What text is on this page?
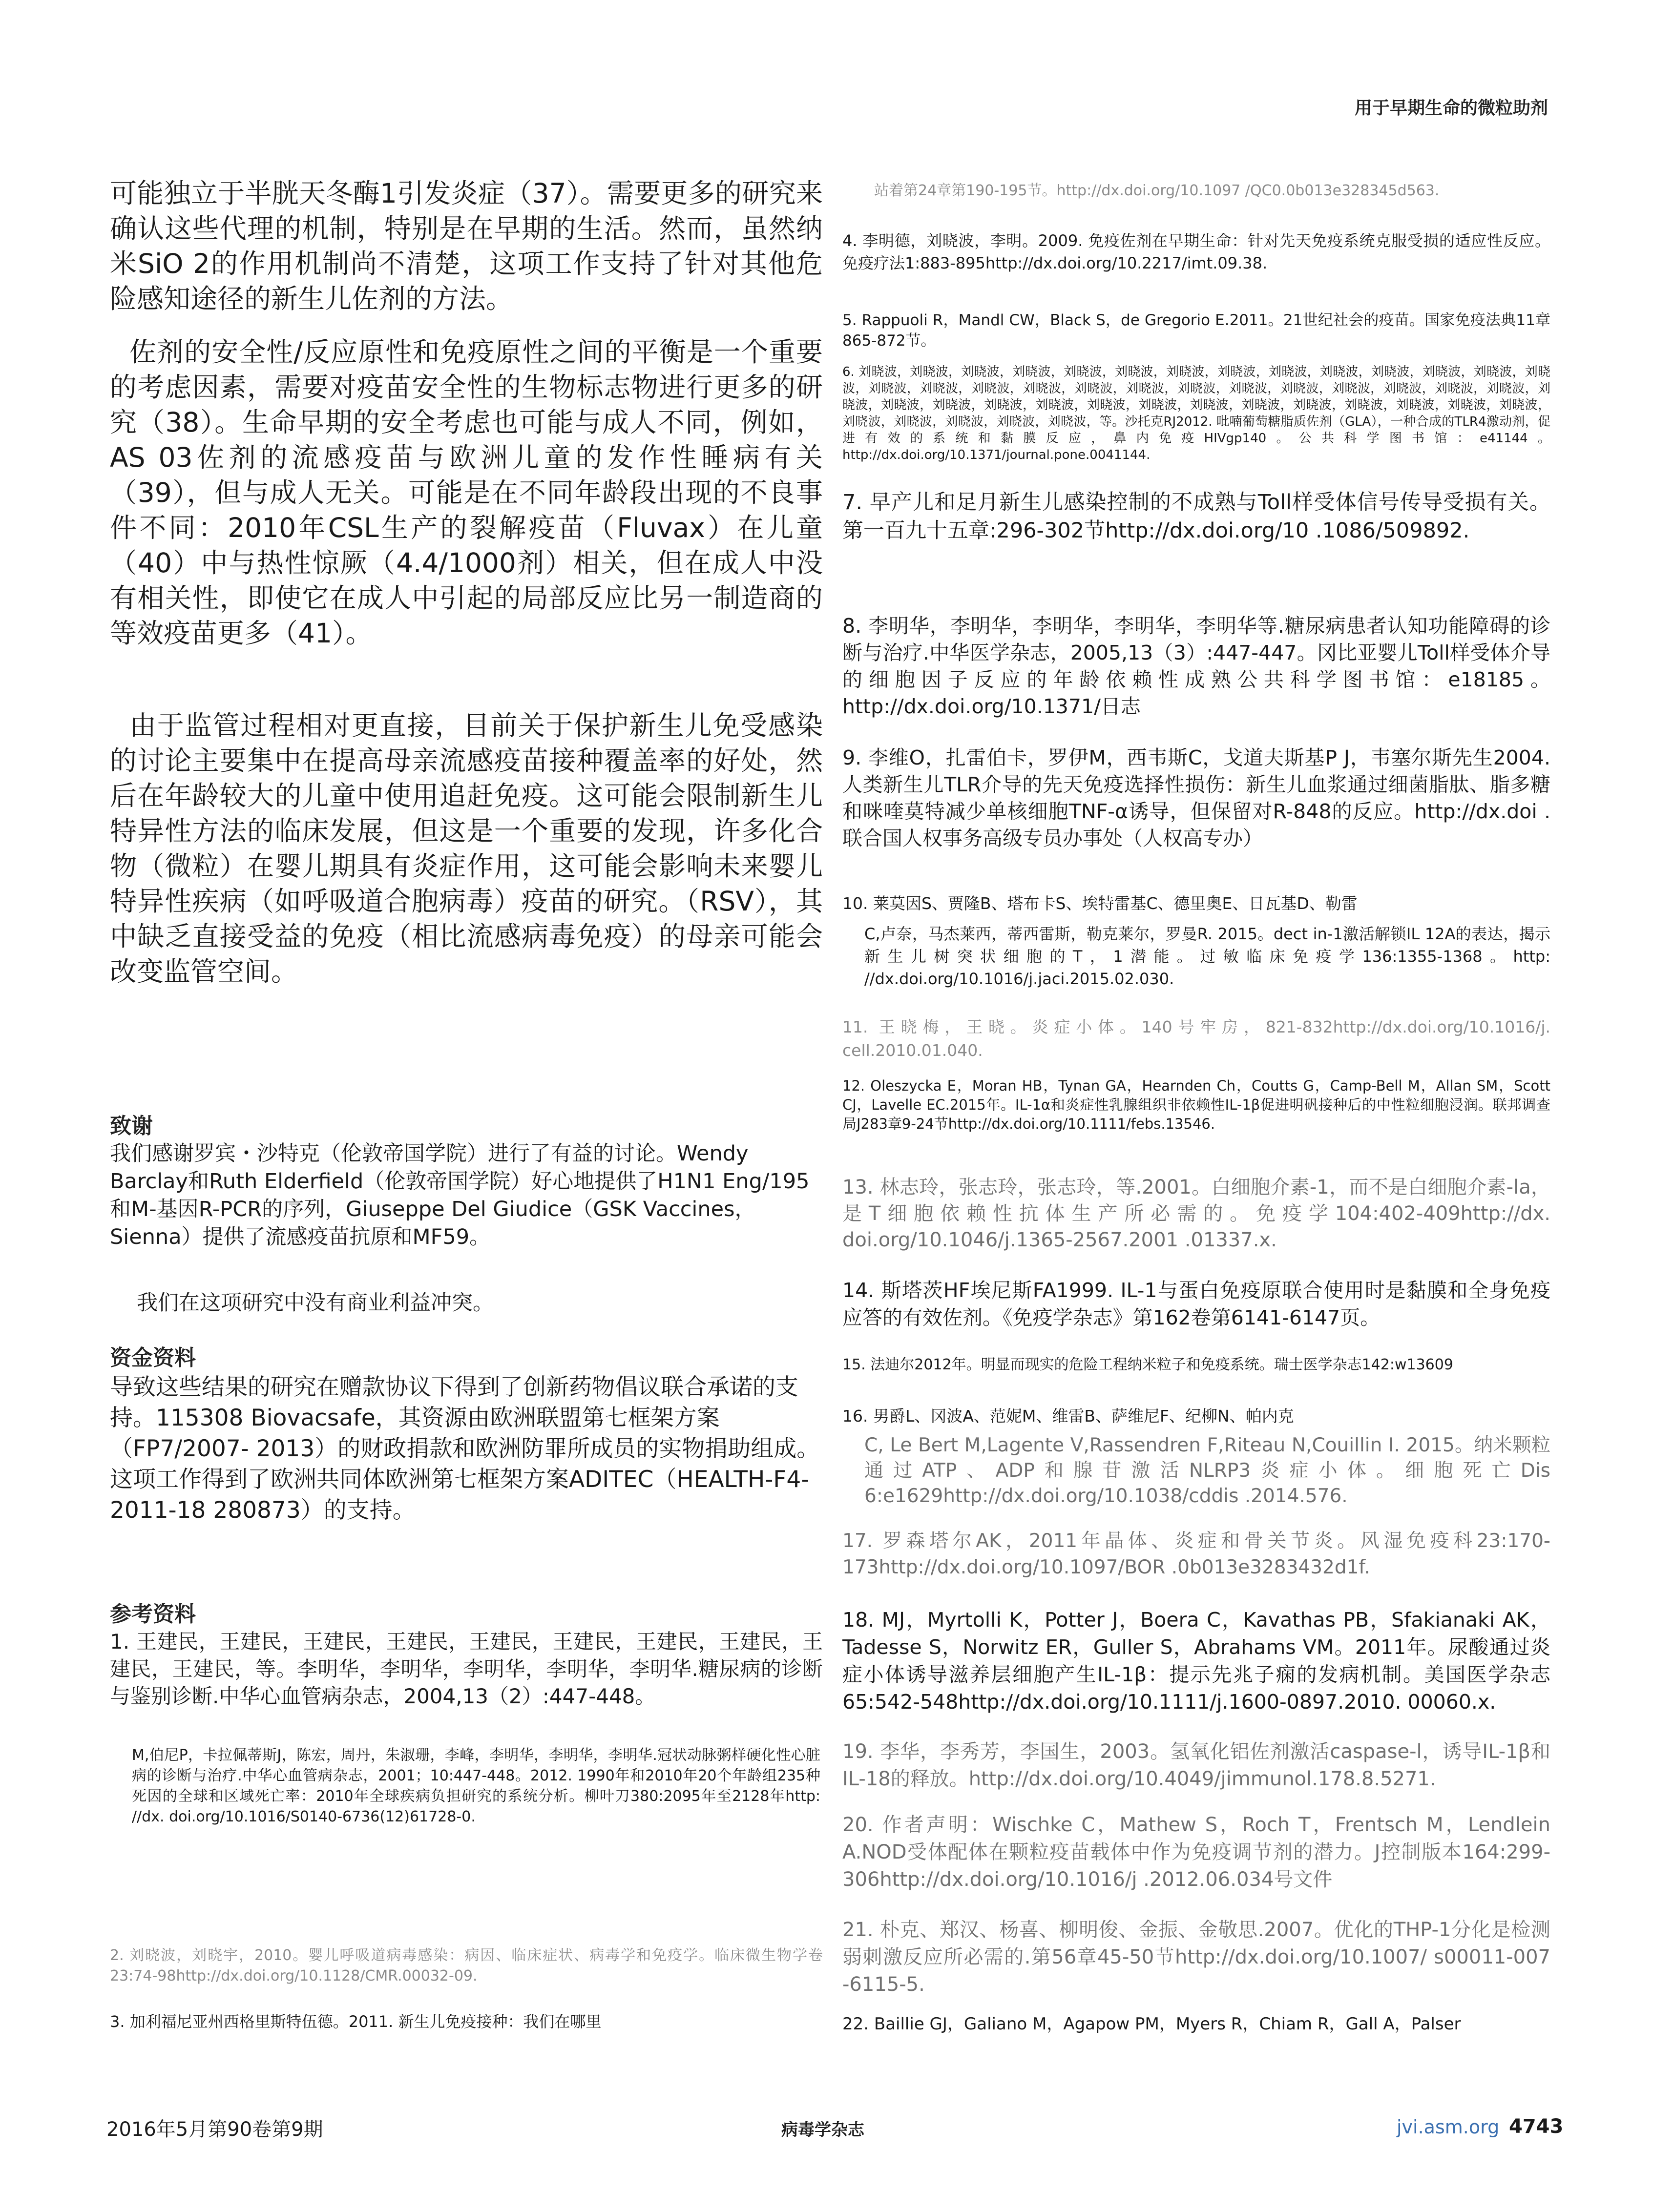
用于早期生命的微粒助剂
可能独立于半胱天冬酶1引发炎症（37）。需要更多的研究来确认这些代理的机制，特别是在早期的生活。然而，虽然纳米SiO 2的作用机制尚不清楚，这项工作支持了针对其他危险感知途径的新生儿佐剂的方法。
佐剂的安全性/反应原性和免疫原性之间的平衡是一个重要的考虑因素，需要对疫苗安全性的生物标志物进行更多的研究（38）。生命早期的安全考虑也可能与成人不同，例如，AS 03佐剂的流感疫苗与欧洲儿童的发作性睡病有关（39），但与成人无关。可能是在不同年龄段出现的不良事件不同：2010年CSL生产的裂解疫苗（Fluvax）在儿童（40）中与热性惊厥（4.4/1000剂）相关，但在成人中没有相关性，即使它在成人中引起的局部反应比另一制造商的等效疫苗更多（41）。
由于监管过程相对更直接，目前关于保护新生儿免受感染的讨论主要集中在提高母亲流感疫苗接种覆盖率的好处，然后在年龄较大的儿童中使用追赶免疫。这可能会限制新生儿特异性方法的临床发展，但这是一个重要的发现，许多化合物（微粒）在婴儿期具有炎症作用，这可能会影响未来婴儿特异性疾病（如呼吸道合胞病毒）疫苗的研究。（RSV），其中缺乏直接受益的免疫（相比流感病毒免疫）的母亲可能会改变监管空间。
致谢
我们感谢罗宾・沙特克（伦敦帝国学院）进行了有益的讨论。Wendy Barclay和Ruth Elderfield（伦敦帝国学院）好心地提供了H1N1 Eng/195和M-基因R-PCR的序列，Giuseppe Del Giudice（GSK Vaccines，Sienna）提供了流感疫苗抗原和MF59。
我们在这项研究中没有商业利益冲突。
资金资料
导致这些结果的研究在赠款协议下得到了创新药物倡议联合承诺的支持。115308 Biovacsafe，其资源由欧洲联盟第七框架方案（FP7/2007- 2013）的财政捐款和欧洲防罪所成员的实物捐助组成。这项工作得到了欧洲共同体欧洲第七框架方案ADITEC（HEALTH-F4-2011-18 280873）的支持。
参考资料
1. 王建民，王建民，王建民，王建民，王建民，王建民，王建民，王建民，王建民，王建民，等。李明华，李明华，李明华，李明华，李明华.糖尿病的诊断与鉴别诊断.中华心血管病杂志，2004,13（2）:447-448。
M,伯尼P，卡拉佩蒂斯J，陈宏，周丹，朱淑珊，李峰，李明华，李明华，李明华.冠状动脉粥样硬化性心脏病的诊断与治疗.中华心血管病杂志，2001；10:447-448。2012. 1990年和2010年20个年龄组235种死因的全球和区域死亡率：2010年全球疾病负担研究的系统分析。柳叶刀380:2095年至2128年http: //dx. doi.org/10.1016/S0140-6736(12)61728-0.
2. 刘晓波，刘晓宇，2010。婴儿呼吸道病毒感染：病因、临床症状、病毒学和免疫学。临床微生物学卷23:74-98http://dx.doi.org/10.1128/CMR.00032-09.
3. 加利福尼亚州西格里斯特伍德。2011. 新生儿免疫接种：我们在哪里
站着第24章第190-195节。http://dx.doi.org/10.1097 /QC0.0b013e328345d563.
4. 李明德，刘晓波，李明。2009. 免疫佐剂在早期生命：针对先天免疫系统克服受损的适应性反应。免疫疗法1:883-895http://dx.doi.org/10.2217/imt.09.38.
5. Rappuoli R，Mandl CW，Black S，de Gregorio E.2011。21世纪社会的疫苗。国家免疫法典11章865-872节。
6. 刘晓波，刘晓波，刘晓波，刘晓波，刘晓波，刘晓波，刘晓波，刘晓波，刘晓波，刘晓波，刘晓波，刘晓波，刘晓波，刘晓波，刘晓波，刘晓波，刘晓波，刘晓波，刘晓波，刘晓波，刘晓波，刘晓波，刘晓波，刘晓波，刘晓波，刘晓波，刘晓波，刘晓波，刘晓波，刘晓波，刘晓波，刘晓波，刘晓波，刘晓波，刘晓波，刘晓波，刘晓波，刘晓波，刘晓波，刘晓波，刘晓波，刘晓波，刘晓波，刘晓波，刘晓波，刘晓波，等。沙托克RJ2012. 吡喃葡萄糖脂质佐剂（GLA），一种合成的TLR4激动剂，促进有效的系统和黏膜反应，鼻内免疫HIVgp140。公共科学图书馆：e41144。http://dx.doi.org/10.1371/journal.pone.0041144.
7. 早产儿和足月新生儿感染控制的不成熟与Toll样受体信号传导受损有关。第一百九十五章:296-302节http://dx.doi.org/10 .1086/509892.
8. 李明华，李明华，李明华，李明华，李明华等.糖尿病患者认知功能障碍的诊断与治疗.中华医学杂志，2005,13（3）:447-447。冈比亚婴儿Toll样受体介导的细胞因子反应的年龄依赖性成熟公共科学图书馆：e18185。http://dx.doi.org/10.1371/日志
9. 李维O，扎雷伯卡，罗伊M，西韦斯C，戈道夫斯基P J，韦塞尔斯先生2004. 人类新生儿TLR介导的先天免疫选择性损伤：新生儿血浆通过细菌脂肽、脂多糖和咪喹莫特减少单核细胞TNF-α诱导，但保留对R-848的反应。http://dx.doi .联合国人权事务高级专员办事处（人权高专办）
10. 莱莫因S、贾隆B、塔布卡S、埃特雷基C、德里奥E、日瓦基D、勒雷
C,卢奈，马杰莱西，蒂西雷斯，勒克莱尔，罗曼R. 2015。dect in-1激活解锁IL 12A的表达，揭示新生儿树突状细胞的T，1潜能。过敏临床免疫学136:1355-1368。http: //dx.doi.org/10.1016/j.jaci.2015.02.030.
11. 王晓梅，王晓。炎症小体。140号牢房，821-832http://dx.doi.org/10.1016/j. cell.2010.01.040.
12. Oleszycka E，Moran HB，Tynan GA，Hearnden Ch，Coutts G，Camp-Bell M，Allan SM，Scott CJ，Lavelle EC.2015年。IL-1α和炎症性乳腺组织非依赖性IL-1β促进明矾接种后的中性粒细胞浸润。联邦调查局J283章9-24节http://dx.doi.org/10.1111/febs.13546.
13. 林志玲，张志玲，张志玲，等.2001。白细胞介素-1，而不是白细胞介素-la，是T细胞依赖性抗体生产所必需的。免疫学104:402-409http://dx. doi.org/10.1046/j.1365-2567.2001 .01337.x.
14. 斯塔茨HF埃尼斯FA1999. IL-1与蛋白免疫原联合使用时是黏膜和全身免疫应答的有效佐剂。《免疫学杂志》第162卷第6141-6147页。
15. 法迪尔2012年。明显而现实的危险工程纳米粒子和免疫系统。瑞士医学杂志142:w13609
16. 男爵L、冈波A、范妮M、维雷B、萨维尼F、纪柳N、帕内克
C, Le Bert M,Lagente V,Rassendren F,Riteau N,Couillin I. 2015。纳米颗粒通过ATP、ADP和腺苷激活NLRP3炎症小体。细胞死亡Dis 6:e1629http://dx.doi.org/10.1038/cddis .2014.576.
17. 罗森塔尔AK，2011年晶体、炎症和骨关节炎。风湿免疫科23:170-173http://dx.doi.org/10.1097/BOR .0b013e3283432d1f.
18. MJ，Myrtolli K，Potter J，Boera C，Kavathas PB，Sfakianaki AK，Tadesse S，Norwitz ER，Guller S，Abrahams VM。2011年。尿酸通过炎症小体诱导滋养层细胞产生IL-1β：提示先兆子痫的发病机制。美国医学杂志65:542-548http://dx.doi.org/10.1111/j.1600-0897.2010. 00060.x.
19. 李华，李秀芳，李国生，2003。氢氧化铝佐剂激活caspase-l，诱导IL-1β和IL-18的释放。http://dx.doi.org/10.4049/jimmunol.178.8.5271.
20. 作者声明：Wischke C，Mathew S，Roch T，Frentsch M，Lendlein A.NOD受体配体在颗粒疫苗载体中作为免疫调节剂的潜力。J控制版本164:299-306http://dx.doi.org/10.1016/j .2012.06.034号文件
21. 朴克、郑汉、杨喜、柳明俊、金振、金敬思.2007。优化的THP-1分化是检测弱刺激反应所必需的.第56章45-50节http://dx.doi.org/10.1007/ s00011-007 -6115-5.
22. Baillie GJ，Galiano M，Agapow PM，Myers R，Chiam R，Gall A，Palser
2016年5月第90卷第9期	病毒学杂志	jvi.asm.org 4743
